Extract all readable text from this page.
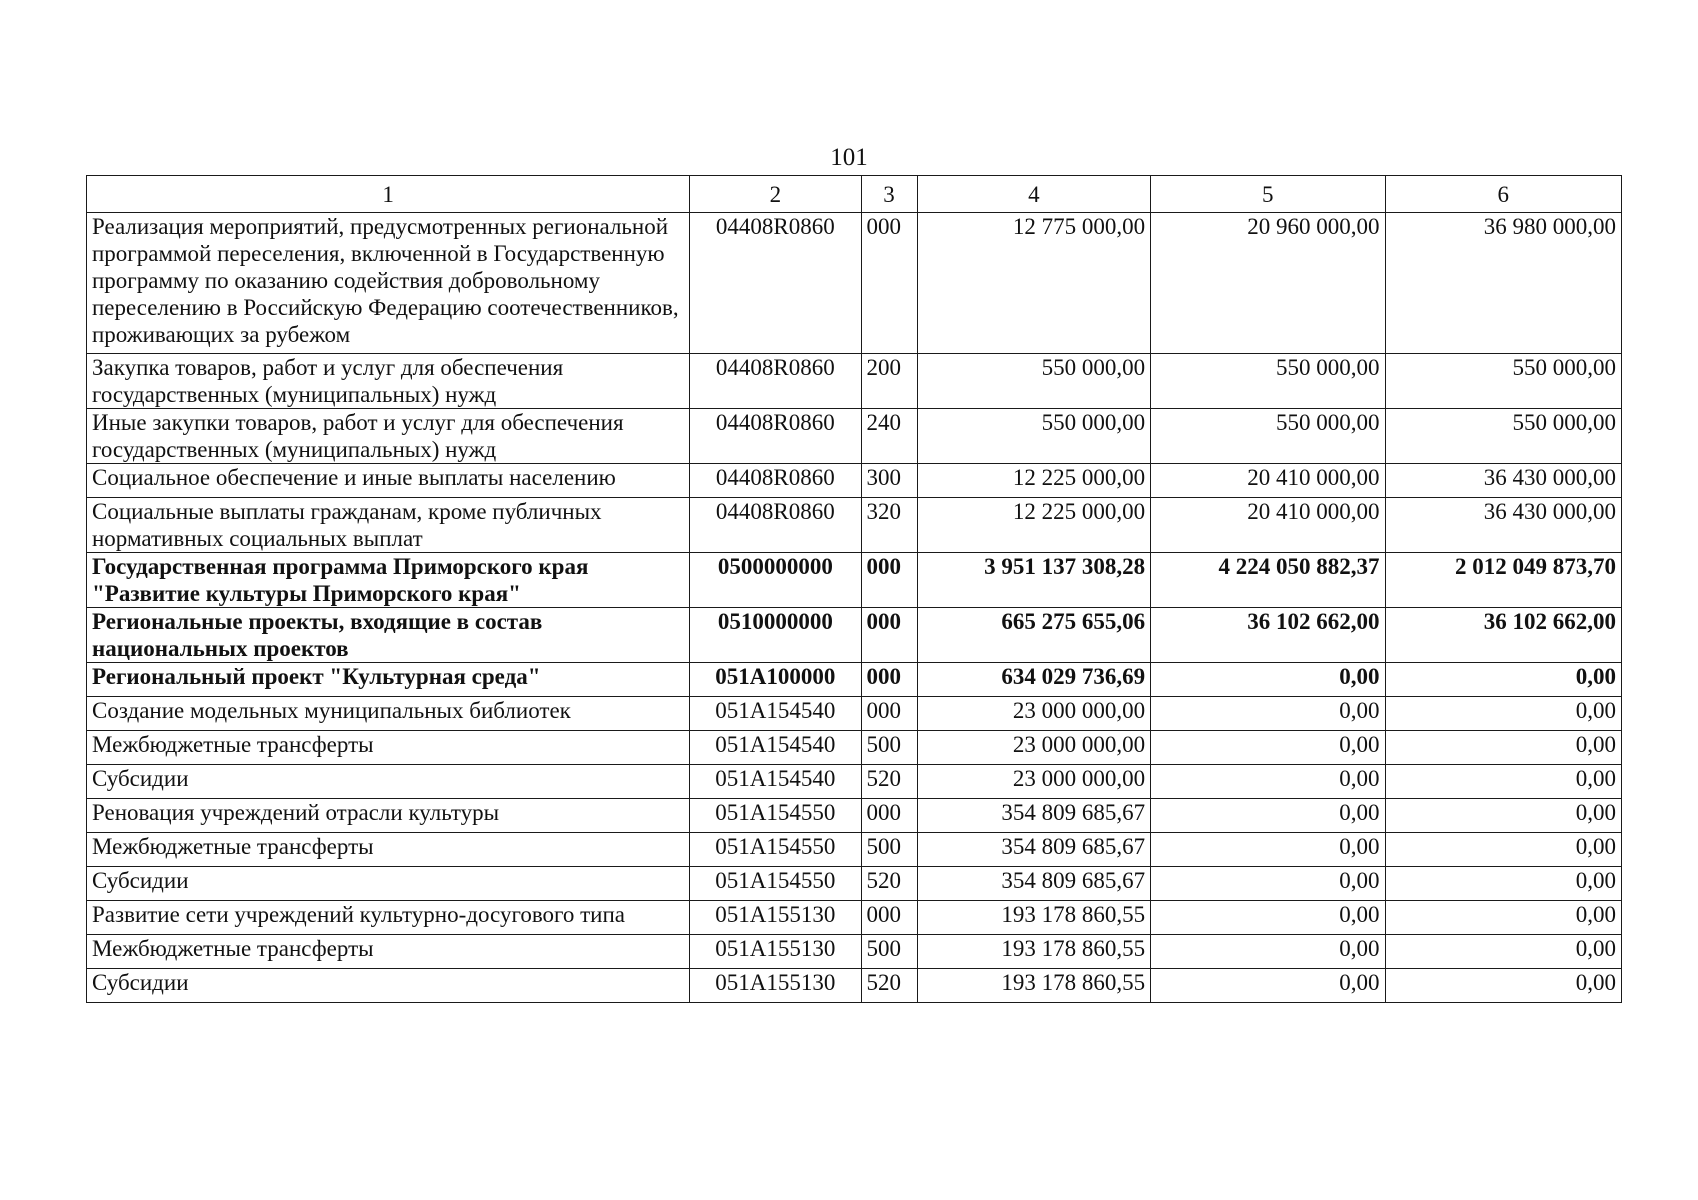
101
1	2	3	4	5	6
Реализация мероприятий, предусмотренных региональной программой переселения, включенной в Государственную программу по оказанию содействия добровольному переселению в Российскую Федерацию соотечественников, проживающих за рубежом	04408R0860	000	12 775 000,00	20 960 000,00	36 980 000,00
Закупка товаров, работ и услуг для обеспечения государственных (муниципальных) нужд	04408R0860	200	550 000,00	550 000,00	550 000,00
Иные закупки товаров, работ и услуг для обеспечения государственных (муниципальных) нужд	04408R0860	240	550 000,00	550 000,00	550 000,00
Социальное обеспечение и иные выплаты населению	04408R0860	300	12 225 000,00	20 410 000,00	36 430 000,00
Социальные выплаты гражданам, кроме публичных нормативных социальных выплат	04408R0860	320	12 225 000,00	20 410 000,00	36 430 000,00
Государственная программа Приморского края "Развитие культуры Приморского края"	0500000000	000	3 951 137 308,28	4 224 050 882,37	2 012 049 873,70
Региональные проекты, входящие в состав национальных проектов	0510000000	000	665 275 655,06	36 102 662,00	36 102 662,00
Региональный проект "Культурная среда"	051A100000	000	634 029 736,69	0,00	0,00
Создание модельных муниципальных библиотек	051A154540	000	23 000 000,00	0,00	0,00
Межбюджетные трансферты	051A154540	500	23 000 000,00	0,00	0,00
Субсидии	051A154540	520	23 000 000,00	0,00	0,00
Реновация учреждений отрасли культуры	051A154550	000	354 809 685,67	0,00	0,00
Межбюджетные трансферты	051A154550	500	354 809 685,67	0,00	0,00
Субсидии	051A154550	520	354 809 685,67	0,00	0,00
Развитие сети учреждений культурно-досугового типа	051A155130	000	193 178 860,55	0,00	0,00
Межбюджетные трансферты	051A155130	500	193 178 860,55	0,00	0,00
Субсидии	051A155130	520	193 178 860,55	0,00	0,00
